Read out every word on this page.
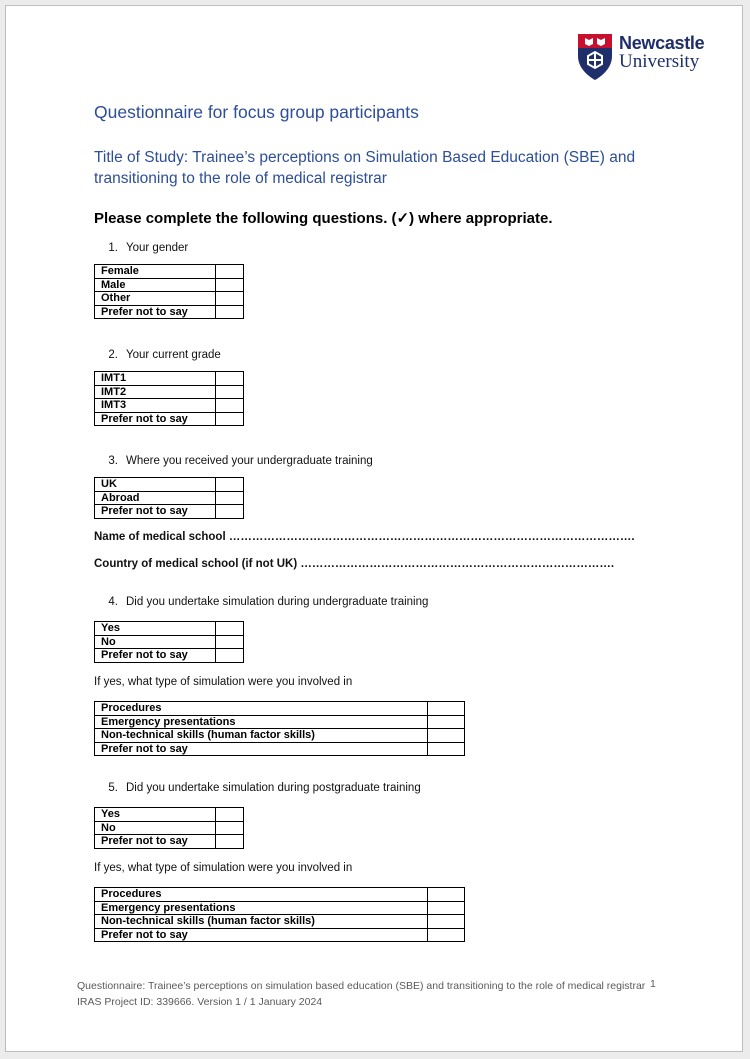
Newcastle
University
Questionnaire for focus group participants
Title of Study: Trainee’s perceptions on Simulation Based Education (SBE) and transitioning to the role of medical registrar
Please complete the following questions. (✓) where appropriate.
1. Your gender
Female	
Male	
Other	
Prefer not to say	
2. Your current grade
IMT1	
IMT2	
IMT3	
Prefer not to say	
3. Where you received your undergraduate training
UK	
Abroad	
Prefer not to say	
Name of medical school …………………………………………………………………………………………….
Country of medical school (if not UK) ……………………………………………………………………….
4. Did you undertake simulation during undergraduate training
Yes	
No	
Prefer not to say	
If yes, what type of simulation were you involved in
Procedures	
Emergency presentations	
Non-technical skills (human factor skills)	
Prefer not to say	
5. Did you undertake simulation during postgraduate training
Yes	
No	
Prefer not to say	
If yes, what type of simulation were you involved in
Procedures	
Emergency presentations	
Non-technical skills (human factor skills)	
Prefer not to say	
Questionnaire: Trainee’s perceptions on simulation based education (SBE) and transitioning to the role of medical registrar
IRAS Project ID: 339666. Version 1 / 1 January 2024
1
